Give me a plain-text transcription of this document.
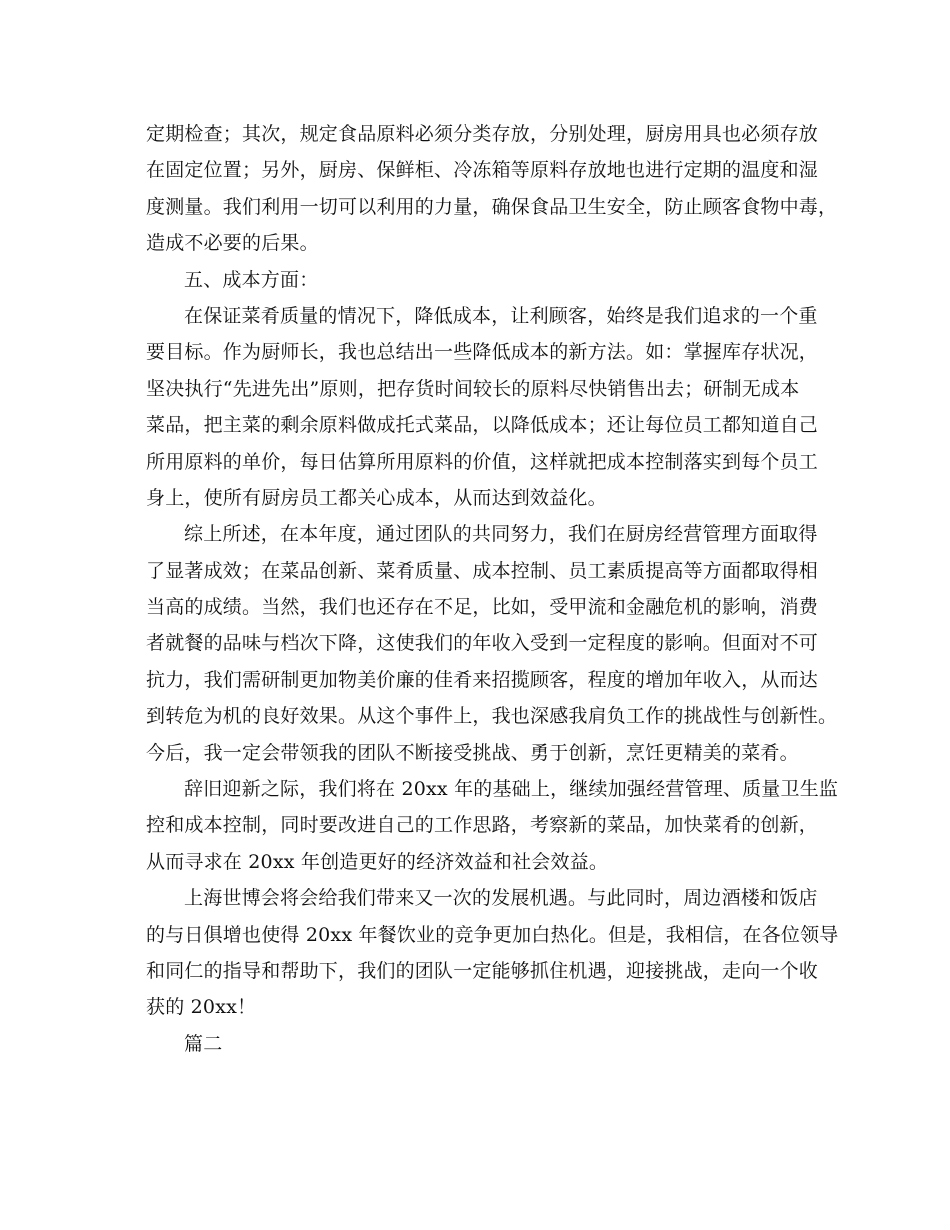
定期检查；其次，规定食品原料必须分类存放，分别处理，厨房用具也必须存放
在固定位置；另外，厨房、保鲜柜、冷冻箱等原料存放地也进行定期的温度和湿
度测量。我们利用一切可以利用的力量，确保食品卫生安全，防止顾客食物中毒，
造成不必要的后果。
五、成本方面：
在保证菜肴质量的情况下，降低成本，让利顾客，始终是我们追求的一个重
要目标。作为厨师长，我也总结出一些降低成本的新方法。如：掌握库存状况，
坚决执行“先进先出”原则，把存货时间较长的原料尽快销售出去；研制无成本
菜品，把主菜的剩余原料做成托式菜品，以降低成本；还让每位员工都知道自己
所用原料的单价，每日估算所用原料的价值，这样就把成本控制落实到每个员工
身上，使所有厨房员工都关心成本，从而达到效益化。
综上所述，在本年度，通过团队的共同努力，我们在厨房经营管理方面取得
了显著成效；在菜品创新、菜肴质量、成本控制、员工素质提高等方面都取得相
当高的成绩。当然，我们也还存在不足，比如，受甲流和金融危机的影响，消费
者就餐的品味与档次下降，这使我们的年收入受到一定程度的影响。但面对不可
抗力，我们需研制更加物美价廉的佳肴来招揽顾客，程度的增加年收入，从而达
到转危为机的良好效果。从这个事件上，我也深感我肩负工作的挑战性与创新性。
今后，我一定会带领我的团队不断接受挑战、勇于创新，烹饪更精美的菜肴。
辞旧迎新之际，我们将在 20xx 年的基础上，继续加强经营管理、质量卫生监
控和成本控制，同时要改进自己的工作思路，考察新的菜品，加快菜肴的创新，
从而寻求在 20xx 年创造更好的经济效益和社会效益。
上海世博会将会给我们带来又一次的发展机遇。与此同时，周边酒楼和饭店
的与日俱增也使得 20xx 年餐饮业的竞争更加白热化。但是，我相信，在各位领导
和同仁的指导和帮助下，我们的团队一定能够抓住机遇，迎接挑战，走向一个收
获的 20xx！
篇二
